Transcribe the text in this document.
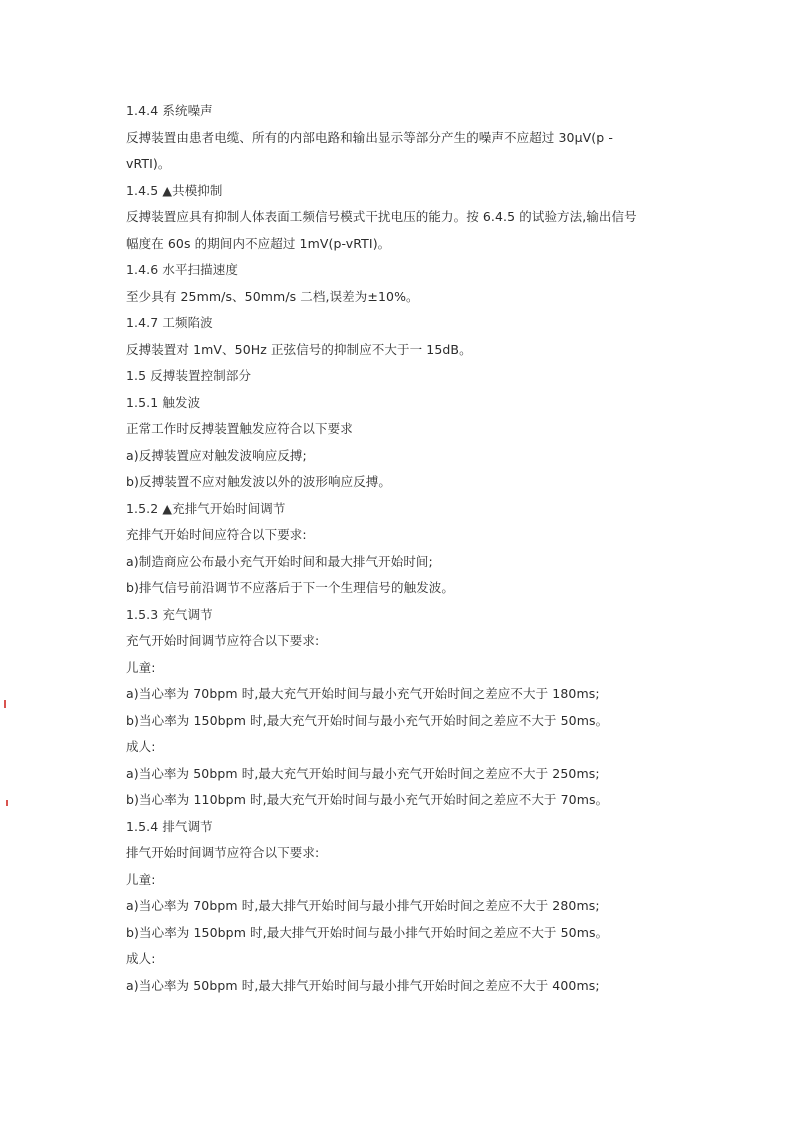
1.4.4 系统噪声
反搏装置由患者电缆、所有的内部电路和输出显示等部分产生的噪声不应超过 30μV(p -
vRTI)。
1.4.5 ▲共模抑制
反搏装置应具有抑制人体表面工频信号模式干扰电压的能力。按 6.4.5 的试验方法,输出信号
幅度在 60s 的期间内不应超过 1mV(p-vRTI)。
1.4.6 水平扫描速度
至少具有 25mm/s、50mm/s 二档,误差为±10%。
1.4.7 工频陷波
反搏装置对 1mV、50Hz 正弦信号的抑制应不大于一 15dB。
1.5 反搏装置控制部分
1.5.1 触发波
正常工作时反搏装置触发应符合以下要求
a)反搏装置应对触发波响应反搏;
b)反搏装置不应对触发波以外的波形响应反搏。
1.5.2 ▲充排气开始时间调节
充排气开始时间应符合以下要求:
a)制造商应公布最小充气开始时间和最大排气开始时间;
b)排气信号前沿调节不应落后于下一个生理信号的触发波。
1.5.3 充气调节
充气开始时间调节应符合以下要求:
儿童:
a)当心率为 70bpm 时,最大充气开始时间与最小充气开始时间之差应不大于 180ms;
b)当心率为 150bpm 时,最大充气开始时间与最小充气开始时间之差应不大于 50ms。
成人:
a)当心率为 50bpm 时,最大充气开始时间与最小充气开始时间之差应不大于 250ms;
b)当心率为 110bpm 时,最大充气开始时间与最小充气开始时间之差应不大于 70ms。
1.5.4 排气调节
排气开始时间调节应符合以下要求:
儿童:
a)当心率为 70bpm 时,最大排气开始时间与最小排气开始时间之差应不大于 280ms;
b)当心率为 150bpm 时,最大排气开始时间与最小排气开始时间之差应不大于 50ms。
成人:
a)当心率为 50bpm 时,最大排气开始时间与最小排气开始时间之差应不大于 400ms;
